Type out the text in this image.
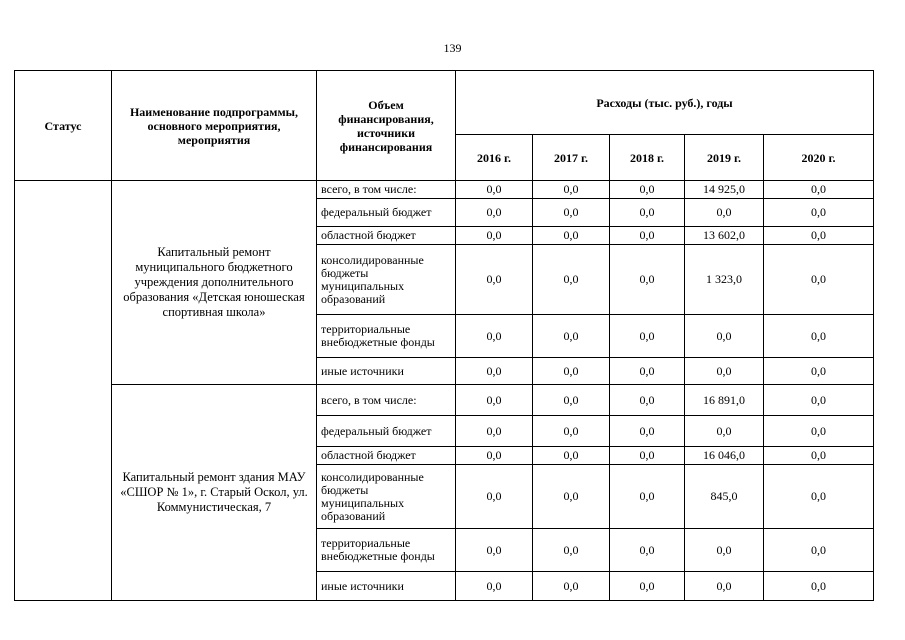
139
Статус	Наименование подпрограммы, основного мероприятия, мероприятия	Объем финансирования, источники финансирования	Расходы (тыс. руб.), годы				
			2016 г.	2017 г.	2018 г.	2019 г.	2020 г.
	Капитальный ремонт муниципального бюджетного учреждения дополнительного образования «Детская юношеская спортивная школа»	всего, в том числе:	0,0	0,0	0,0	14 925,0	0,0
		федеральный бюджет	0,0	0,0	0,0	0,0	0,0
		областной бюджет	0,0	0,0	0,0	13 602,0	0,0
		консолидированные бюджеты муниципальных образований	0,0	0,0	0,0	1 323,0	0,0
		территориальные внебюджетные фонды	0,0	0,0	0,0	0,0	0,0
		иные источники	0,0	0,0	0,0	0,0	0,0
	Капитальный ремонт здания МАУ «СШОР № 1», г. Старый Оскол, ул. Коммунистическая, 7	всего, в том числе:	0,0	0,0	0,0	16 891,0	0,0
		федеральный бюджет	0,0	0,0	0,0	0,0	0,0
		областной бюджет	0,0	0,0	0,0	16 046,0	0,0
		консолидированные бюджеты муниципальных образований	0,0	0,0	0,0	845,0	0,0
		территориальные внебюджетные фонды	0,0	0,0	0,0	0,0	0,0
		иные источники	0,0	0,0	0,0	0,0	0,0
